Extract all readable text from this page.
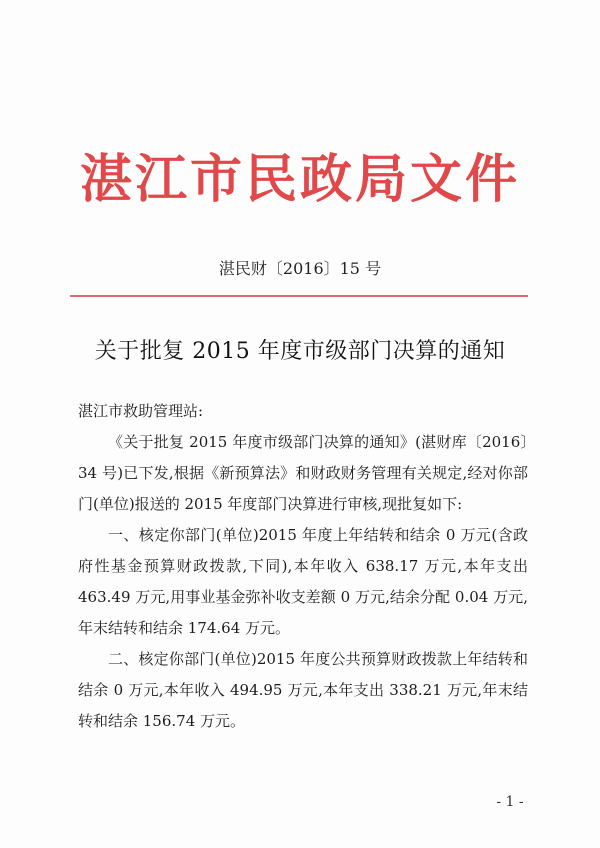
湛江市民政局文件
湛民财〔2016〕15 号
关于批复 2015 年度市级部门决算的通知

湛江市救助管理站:

《关于批复 2015 年度市级部门决算的通知》(湛财库〔2016〕34 号)已下发,根据《新预算法》和财政财务管理有关规定,经对你部门(单位)报送的 2015 年度部门决算进行审核,现批复如下:

一、核定你部门(单位)2015 年度上年结转和结余 0 万元(含政府性基金预算财政拨款,下同),本年收入 638.17 万元,本年支出 463.49 万元,用事业基金弥补收支差额 0 万元,结余分配 0.04 万元,年末结转和结余 174.64 万元。

二、核定你部门(单位)2015 年度公共预算财政拨款上年结转和结余 0 万元,本年收入 494.95 万元,本年支出 338.21 万元,年末结转和结余 156.74 万元。

- 1 -
